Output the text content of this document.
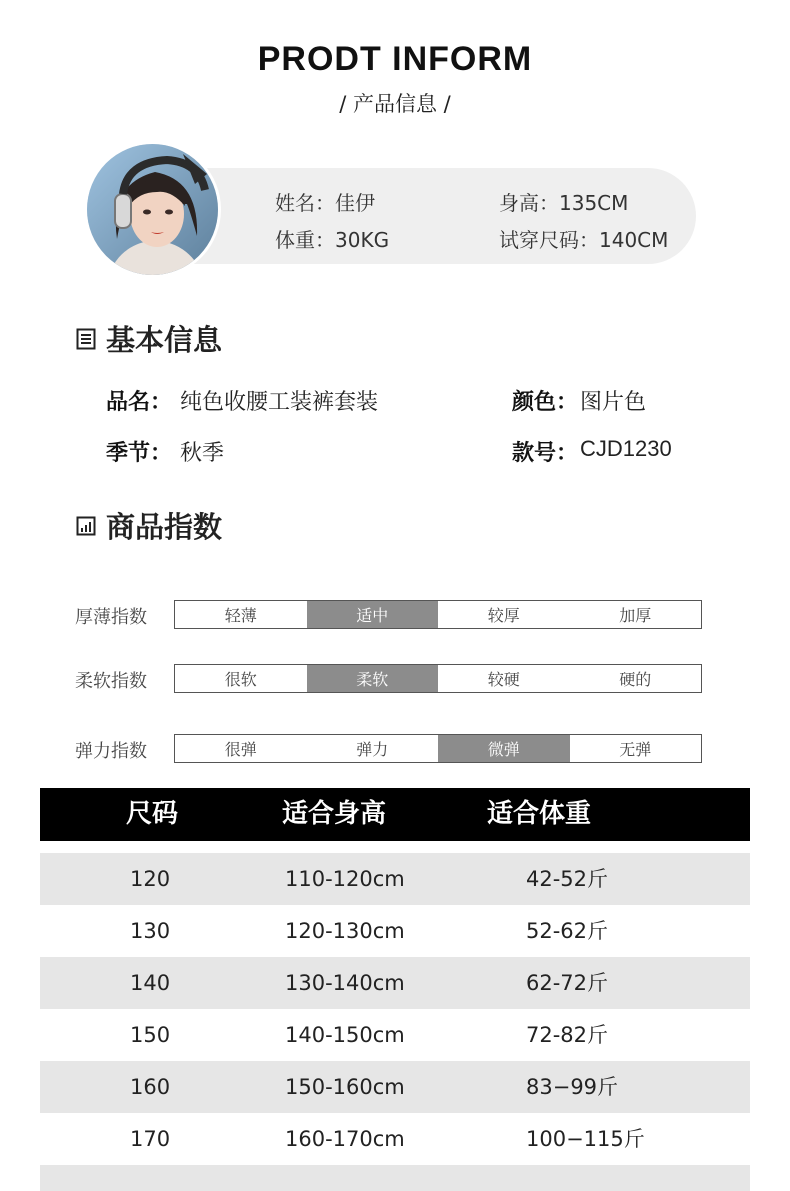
PRODT INFORM
/ 产品信息 /
姓名：佳伊	身高：135CM
体重：30KG	试穿尺码：140CM
基本信息
品名： 纯色收腰工装裤套装	颜色： 图片色
季节： 秋季	款号： CJD1230
商品指数
厚薄指数	轻薄	适中	较厚	加厚
柔软指数	很软	柔软	较硬	硬的
弹力指数	很弹	弹力	微弹	无弹
尺码	适合身高	适合体重
120	110-120cm	42-52斤
130	120-130cm	52-62斤
140	130-140cm	62-72斤
150	140-150cm	72-82斤
160	150-160cm	83−99斤
170	160-170cm	100−115斤
